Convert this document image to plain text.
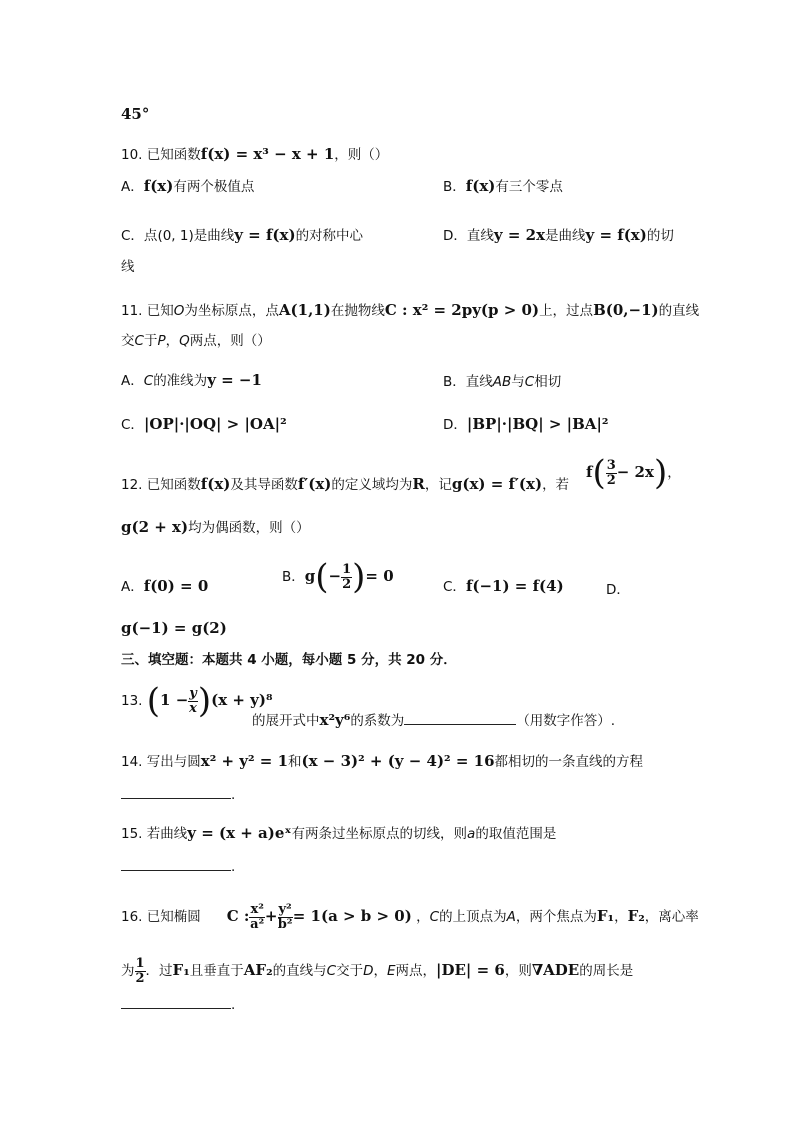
45°
10. 已知函数f(x) = x³ − x + 1，则（）
A．f(x)有两个极值点	B．f(x)有三个零点
C．点(0, 1)是曲线y = f(x)的对称中心	D．直线y = 2x是曲线y = f(x)的切
线
11. 已知O为坐标原点，点A(1,1)在抛物线C : x² = 2py(p > 0)上，过点B(0,−1)的直线
交C于P，Q两点，则（）
A．C的准线为y = −1	B．直线AB与C相切
C．|OP|·|OQ| > |OA|²	D．|BP|·|BQ| > |BA|²
12. 已知函数f(x)及其导函数f′(x)的定义域均为R，记g(x) = f′(x)，若
$f( \frac{3}{2} - 2x)$，
g(2 + x)均为偶函数，则（）
A．f(0) = 0	B．$g(- \frac{1}{2}$ )= 0
C．f(−1) = f(4)	D．
g(−1) = g(2)
三、填空题：本题共 4 小题，每小题 5 分，共 20 分．
13. $(1 - \frac{y}{x} )(x + y)^8$
的展开式中x²y⁶的系数为	（用数字作答）.
14. 写出与圆x² + y² = 1和(x − 3)² + (y − 4)² = 16都相切的一条直线的方程
.
15. 若曲线y = (x + a)eˣ有两条过坐标原点的切线，则a的取值范围是
.
16. 已知椭圆 C : $\frac{\text{x²}}{\text{a²}} + \frac{\text{y²}}{\text{b²}} = 1(a > b > 0)$ ，C的上顶点为A，两个焦点为F₁，F₂，离心率
为 $\frac{1}{2}$ ．过F₁且垂直于AF₂的直线与C交于D，E两点，|DE| = 6，则∇ADE的周长是
.
